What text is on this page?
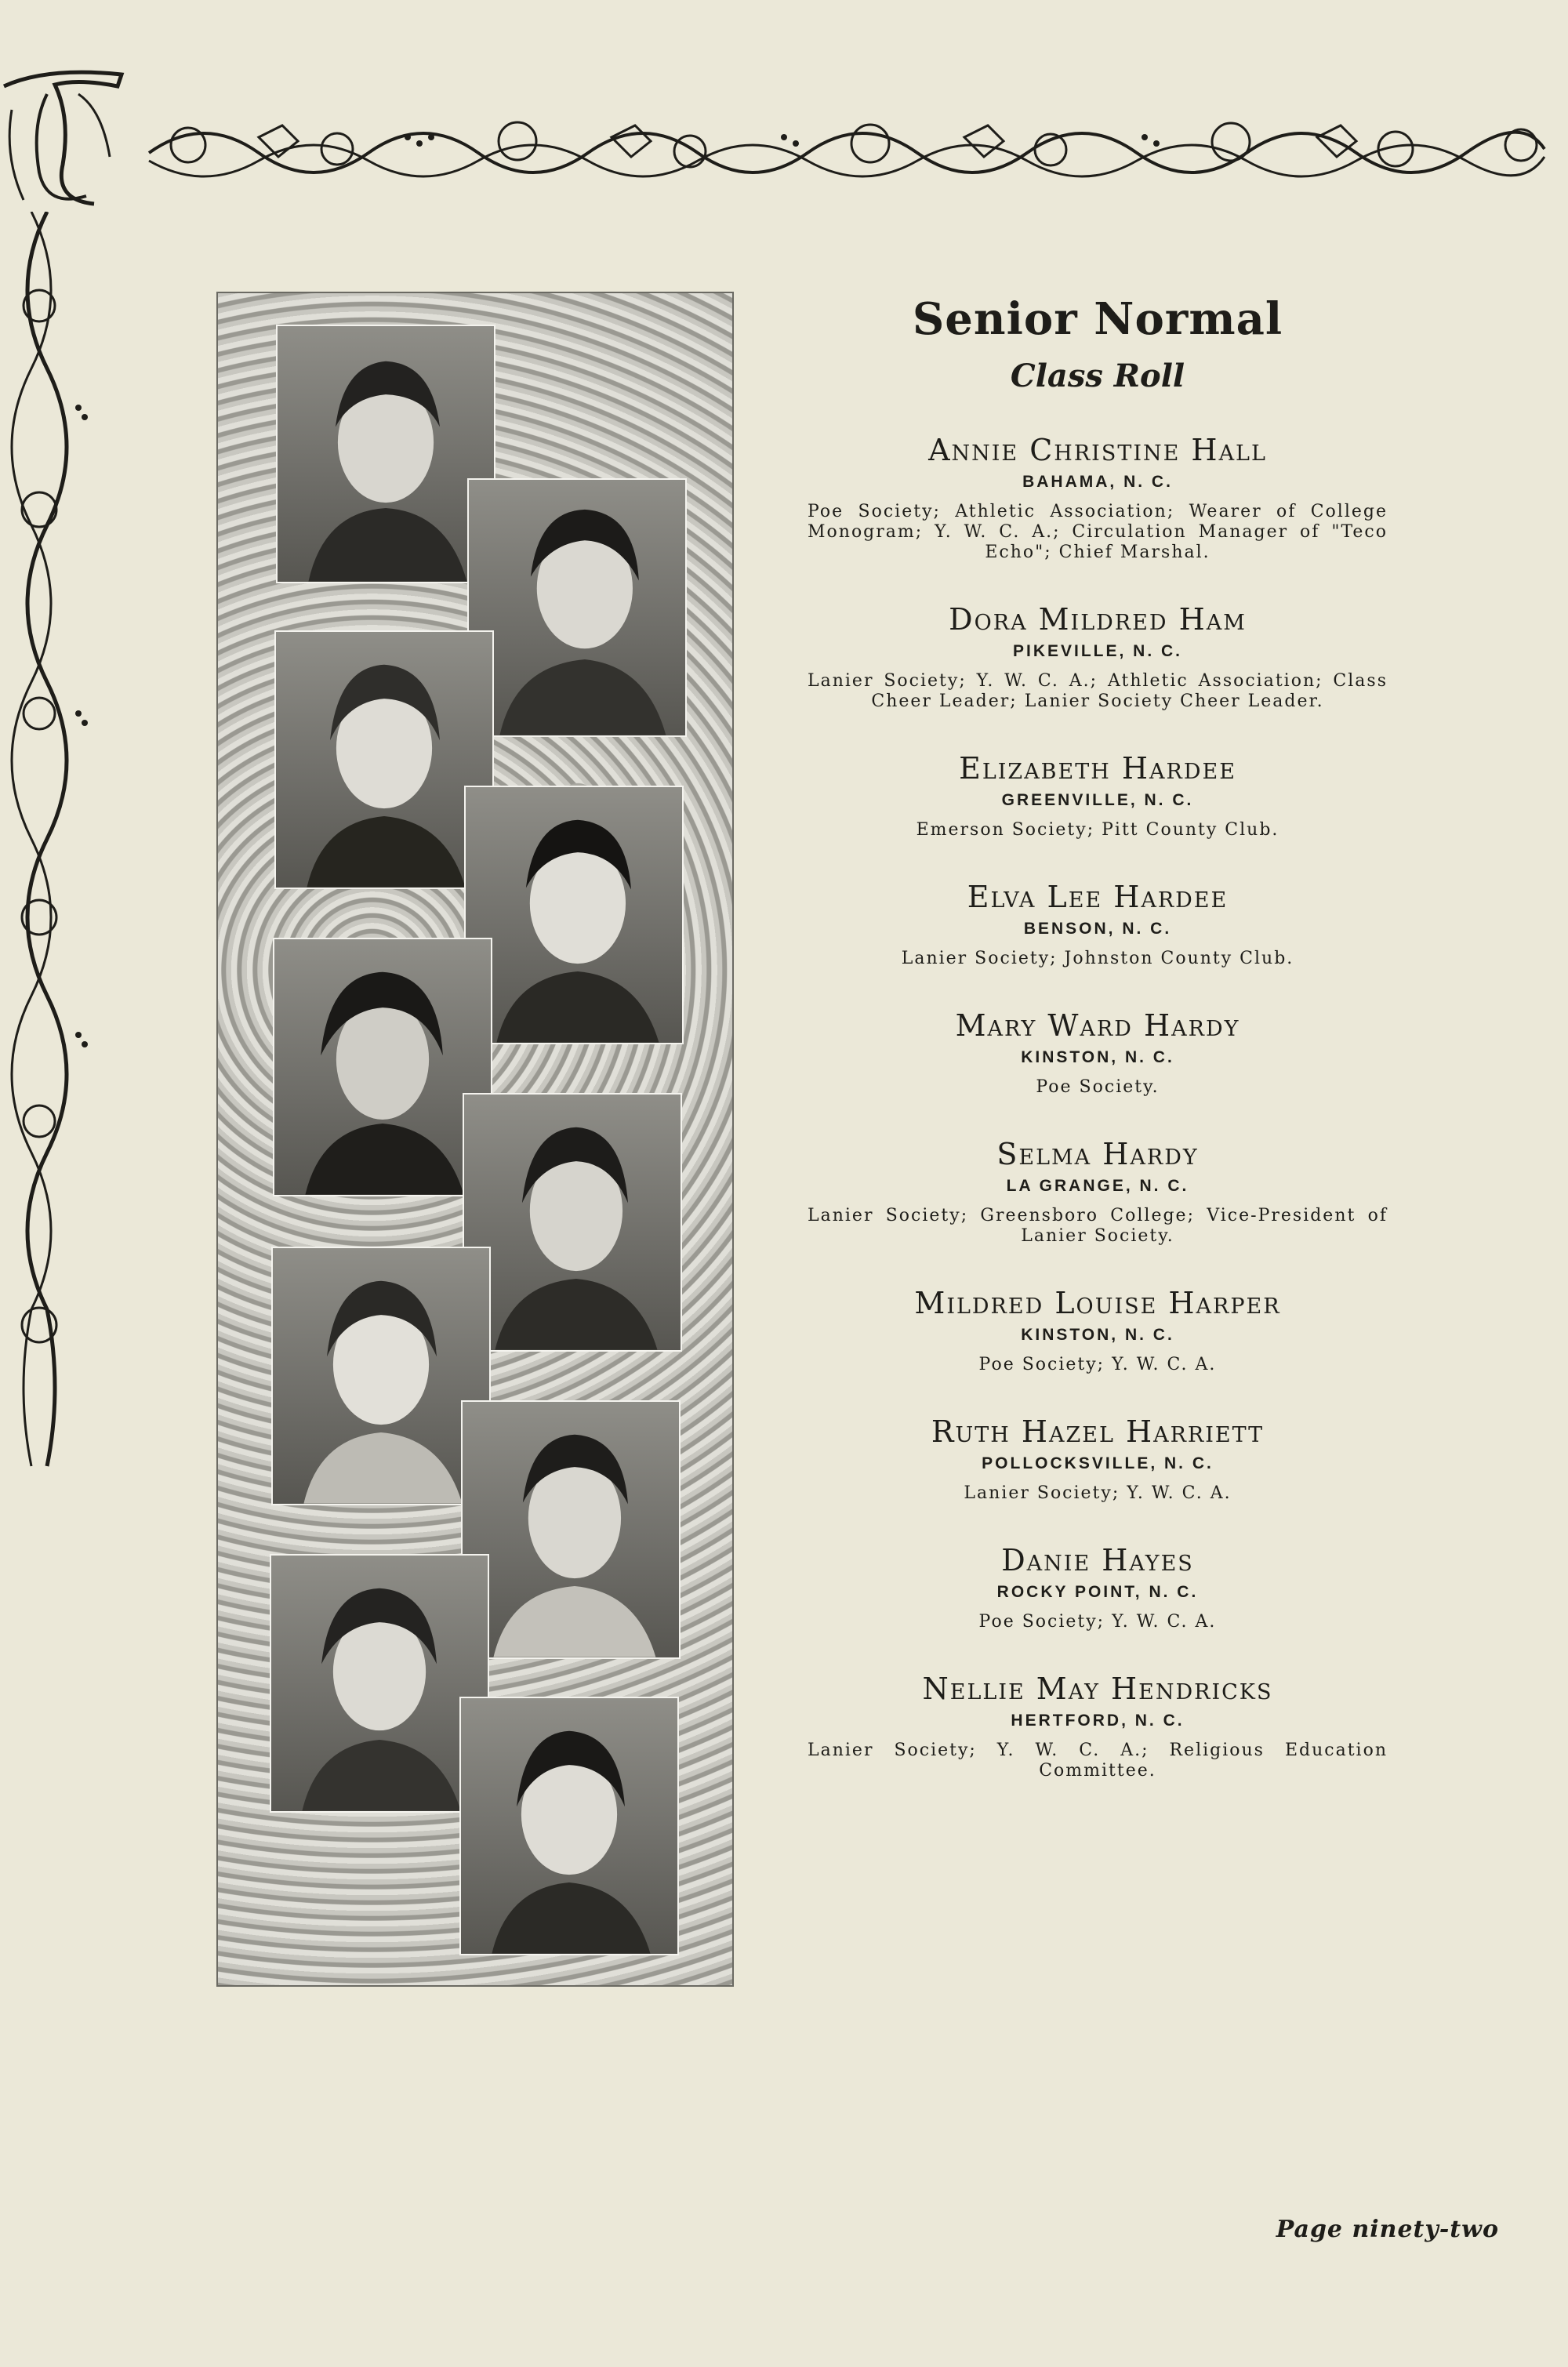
Senior Normal
Class Roll

Annie Christine Hall

BAHAMA, N. C.

Poe Society; Athletic Association; Wearer of College Monogram; Y. W. C. A.; Circulation Manager of "Teco Echo"; Chief Marshal.

Dora Mildred Ham

PIKEVILLE, N. C.

Lanier Society; Y. W. C. A.; Athletic Association; Class Cheer Leader; Lanier Society Cheer Leader.

Elizabeth Hardee

GREENVILLE, N. C.

Emerson Society; Pitt County Club.

Elva Lee Hardee

BENSON, N. C.

Lanier Society; Johnston County Club.

Mary Ward Hardy

KINSTON, N. C.

Poe Society.

Selma Hardy

LA GRANGE, N. C.

Lanier Society; Greensboro College; Vice-President of Lanier Society.

Mildred Louise Harper

KINSTON, N. C.

Poe Society; Y. W. C. A.

Ruth Hazel Harriett

POLLOCKSVILLE, N. C.

Lanier Society; Y. W. C. A.

Danie Hayes

ROCKY POINT, N. C.

Poe Society; Y. W. C. A.

Nellie May Hendricks

HERTFORD, N. C.

Lanier Society; Y. W. C. A.; Religious Education Committee.

Page ninety-two
